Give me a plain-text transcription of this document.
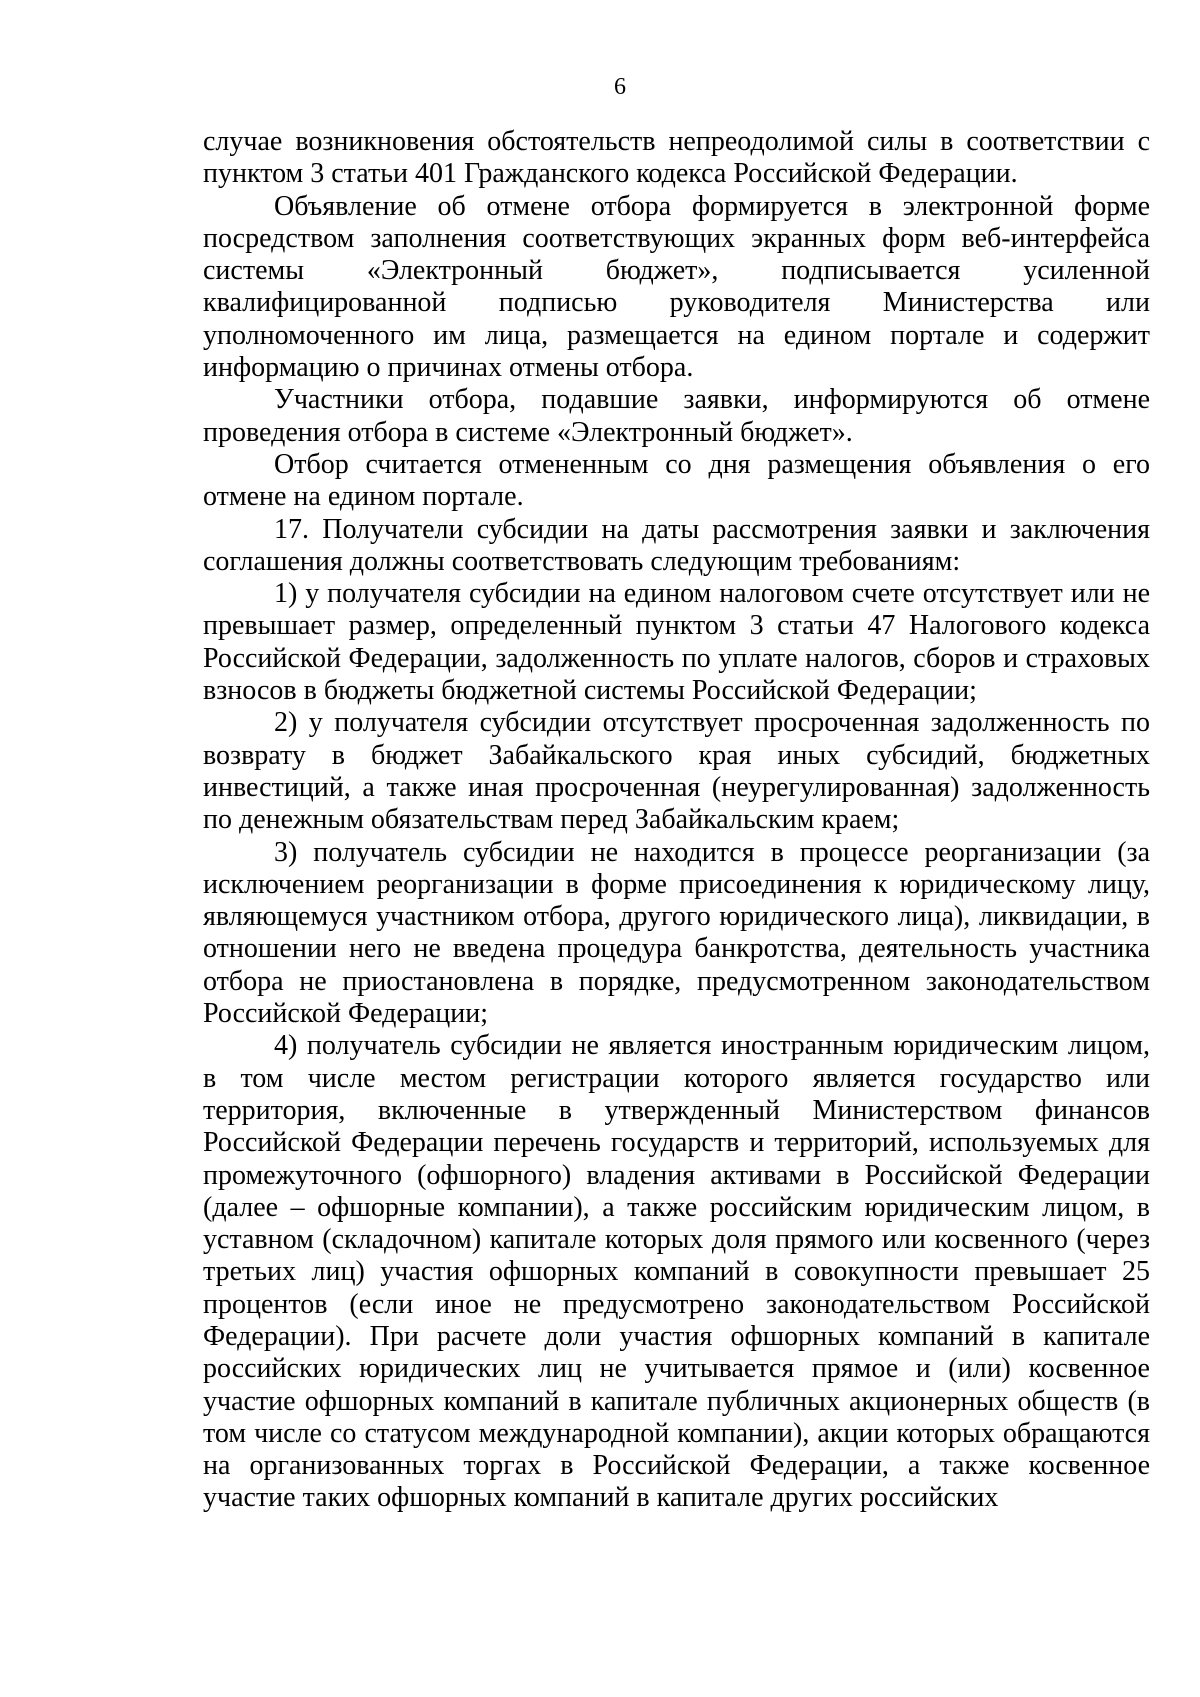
6

случае возникновения обстоятельств непреодолимой силы в соответствии с пунктом 3 статьи 401 Гражданского кодекса Российской Федерации.

Объявление об отмене отбора формируется в электронной форме посредством заполнения соответствующих экранных форм веб-интерфейса системы «Электронный бюджет», подписывается усиленной квалифицированной подписью руководителя Министерства или уполномоченного им лица, размещается на едином портале и содержит информацию о причинах отмены отбора.

Участники отбора, подавшие заявки, информируются об отмене проведения отбора в системе «Электронный бюджет».

Отбор считается отмененным со дня размещения объявления о его отмене на едином портале.

17. Получатели субсидии на даты рассмотрения заявки и заключения соглашения должны соответствовать следующим требованиям:

1) у получателя субсидии на едином налоговом счете отсутствует или не превышает размер, определенный пунктом 3 статьи 47 Налогового кодекса Российской Федерации, задолженность по уплате налогов, сборов и страховых взносов в бюджеты бюджетной системы Российской Федерации;

2) у получателя субсидии отсутствует просроченная задолженность по возврату в бюджет Забайкальского края иных субсидий, бюджетных инвестиций, а также иная просроченная (неурегулированная) задолженность по денежным обязательствам перед Забайкальским краем;

3) получатель субсидии не находится в процессе реорганизации (за исключением реорганизации в форме присоединения к юридическому лицу, являющемуся участником отбора, другого юридического лица), ликвидации, в отношении него не введена процедура банкротства, деятельность участника отбора не приостановлена в порядке, предусмотренном законодательством Российской Федерации;

4) получатель субсидии не является иностранным юридическим лицом, в том числе местом регистрации которого является государство или территория, включенные в утвержденный Министерством финансов Российской Федерации перечень государств и территорий, используемых для промежуточного (офшорного) владения активами в Российской Федерации (далее – офшорные компании), а также российским юридическим лицом, в уставном (складочном) капитале которых доля прямого или косвенного (через третьих лиц) участия офшорных компаний в совокупности превышает 25 процентов (если иное не предусмотрено законодательством Российской Федерации). При расчете доли участия офшорных компаний в капитале российских юридических лиц не учитывается прямое и (или) косвенное участие офшорных компаний в капитале публичных акционерных обществ (в том числе со статусом международной компании), акции которых обращаются на организованных торгах в Российской Федерации, а также косвенное участие таких офшорных компаний в капитале других российских
